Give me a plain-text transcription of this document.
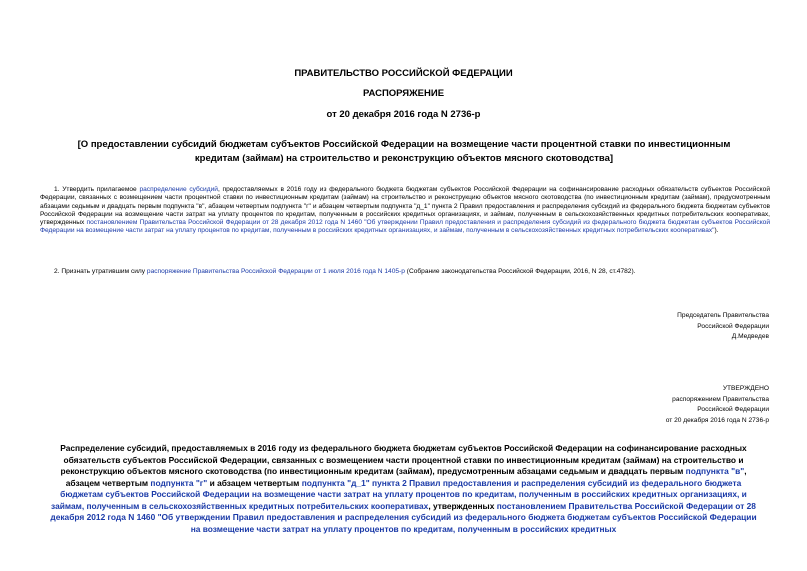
ПРАВИТЕЛЬСТВО РОССИЙСКОЙ ФЕДЕРАЦИИ
РАСПОРЯЖЕНИЕ
от 20 декабря 2016 года N 2736-р
[О предоставлении субсидий бюджетам субъектов Российской Федерации на возмещение части процентной ставки по инвестиционным кредитам (займам) на строительство и реконструкцию объектов мясного скотоводства]
1. Утвердить прилагаемое распределение субсидий, предоставляемых в 2016 году из федерального бюджета бюджетам субъектов Российской Федерации на софинансирование расходных обязательств субъектов Российской Федерации, связанных с возмещением части процентной ставки по инвестиционным кредитам (займам) на строительство и реконструкцию объектов мясного скотоводства (по инвестиционным кредитам (займам), предусмотренным абзацами седьмым и двадцать первым подпункта "в", абзацем четвертым подпункта "г" и абзацем четвертым подпункта "д_1" пункта 2 Правил предоставления и распределения субсидий из федерального бюджета бюджетам субъектов Российской Федерации на возмещение части затрат на уплату процентов по кредитам, полученным в российских кредитных организациях, и займам, полученным в сельскохозяйственных кредитных потребительских кооперативах, утвержденных постановлением Правительства Российской Федерации от 28 декабря 2012 года N 1460 "Об утверждении Правил предоставления и распределения субсидий из федерального бюджета бюджетам субъектов Российской Федерации на возмещение части затрат на уплату процентов по кредитам, полученным в российских кредитных организациях, и займам, полученным в сельскохозяйственных кредитных потребительских кооперативах").
2. Признать утратившим силу распоряжение Правительства Российской Федерации от 1 июля 2016 года N 1405-р (Собрание законодательства Российской Федерации, 2016, N 28, ст.4782).
Председатель Правительства
Российской Федерации
Д.Медведев
УТВЕРЖДЕНО
распоряжением Правительства
Российской Федерации
от 20 декабря 2016 года N 2736-р
Распределение субсидий, предоставляемых в 2016 году из федерального бюджета бюджетам субъектов Российской Федерации на софинансирование расходных обязательств субъектов Российской Федерации, связанных с возмещением части процентной ставки по инвестиционным кредитам (займам) на строительство и реконструкцию объектов мясного скотоводства (по инвестиционным кредитам (займам), предусмотренным абзацами седьмым и двадцать первым подпункта "в", абзацем четвертым подпункта "г" и абзацем четвертым подпункта "д_1" пункта 2 Правил предоставления и распределения субсидий из федерального бюджета бюджетам субъектов Российской Федерации на возмещение части затрат на уплату процентов по кредитам, полученным в российских кредитных организациях, и займам, полученным в сельскохозяйственных кредитных потребительских кооперативах, утвержденных постановлением Правительства Российской Федерации от 28 декабря 2012 года N 1460 "Об утверждении Правил предоставления и распределения субсидий из федерального бюджета бюджетам субъектов Российской Федерации на возмещение части затрат на уплату процентов по кредитам, полученным в российских кредитных
